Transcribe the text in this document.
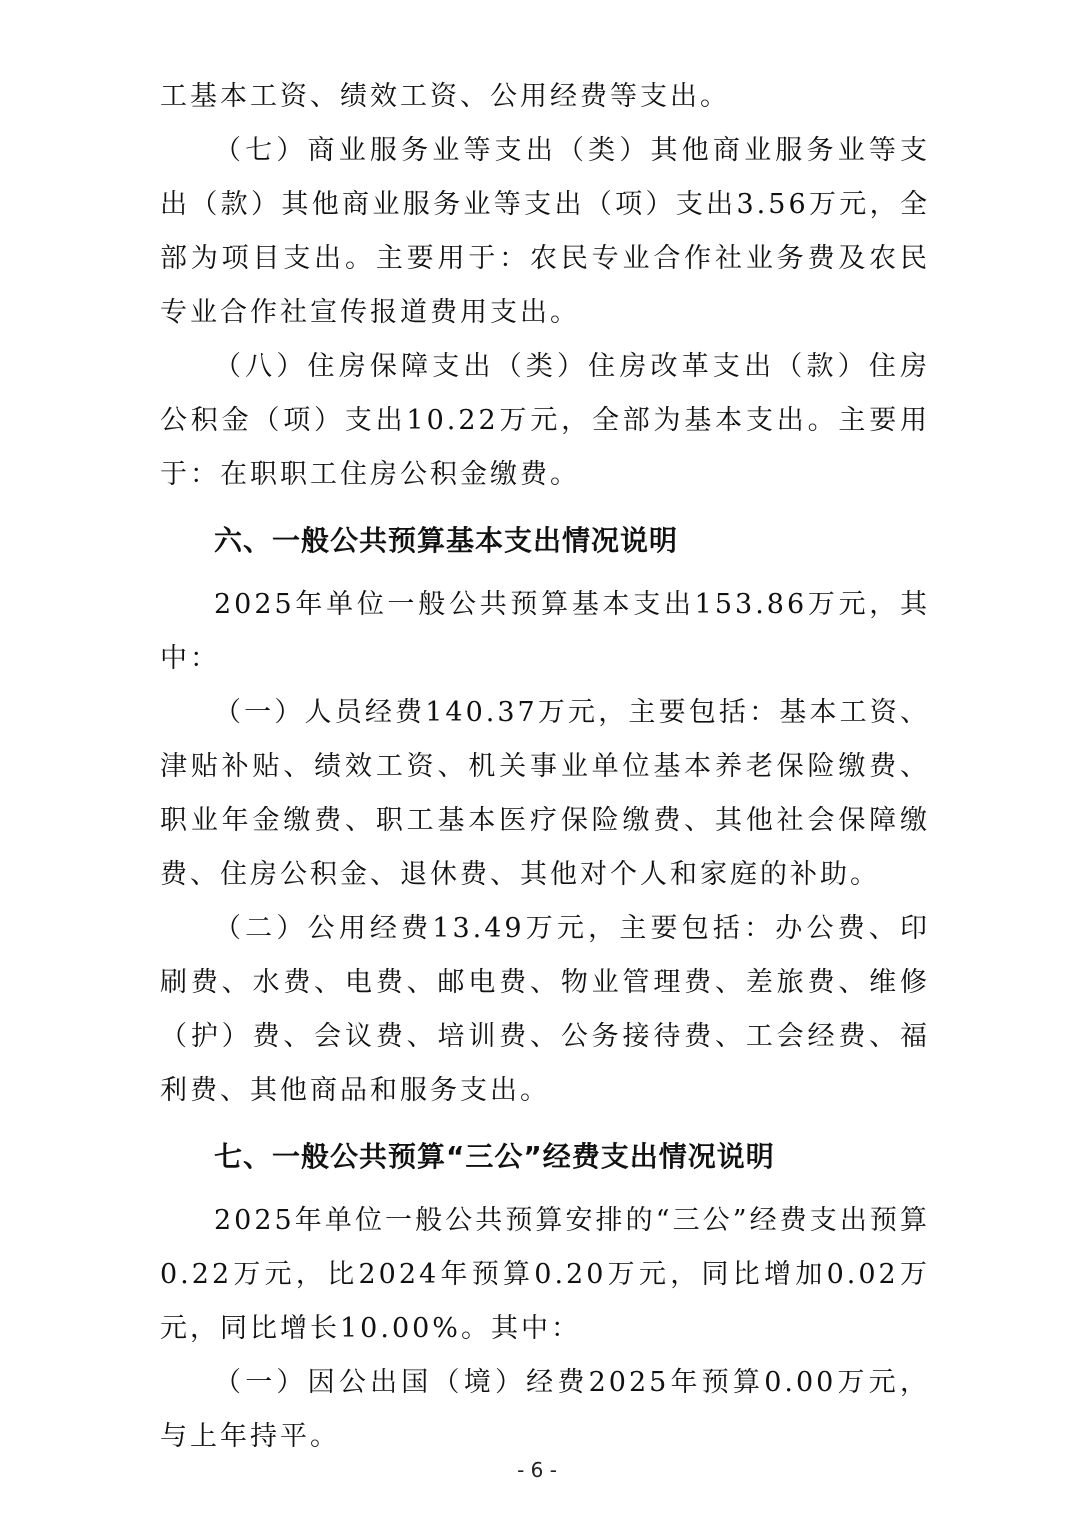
工基本工资、绩效工资、公用经费等支出。

（七）商业服务业等支出（类）其他商业服务业等支出（款）其他商业服务业等支出（项）支出3.56万元，全部为项目支出。主要用于：农民专业合作社业务费及农民专业合作社宣传报道费用支出。

（八）住房保障支出（类）住房改革支出（款）住房公积金（项）支出10.22万元，全部为基本支出。主要用于：在职职工住房公积金缴费。

六、一般公共预算基本支出情况说明

2025年单位一般公共预算基本支出153.86万元，其中：

（一）人员经费140.37万元，主要包括：基本工资、津贴补贴、绩效工资、机关事业单位基本养老保险缴费、职业年金缴费、职工基本医疗保险缴费、其他社会保障缴费、住房公积金、退休费、其他对个人和家庭的补助。

（二）公用经费13.49万元，主要包括：办公费、印刷费、水费、电费、邮电费、物业管理费、差旅费、维修（护）费、会议费、培训费、公务接待费、工会经费、福利费、其他商品和服务支出。

七、一般公共预算“三公”经费支出情况说明

2025年单位一般公共预算安排的“三公”经费支出预算0.22万元，比2024年预算0.20万元，同比增加0.02万元，同比增长10.00%。其中：

（一）因公出国（境）经费2025年预算0.00万元，与上年持平。

- 6 -
